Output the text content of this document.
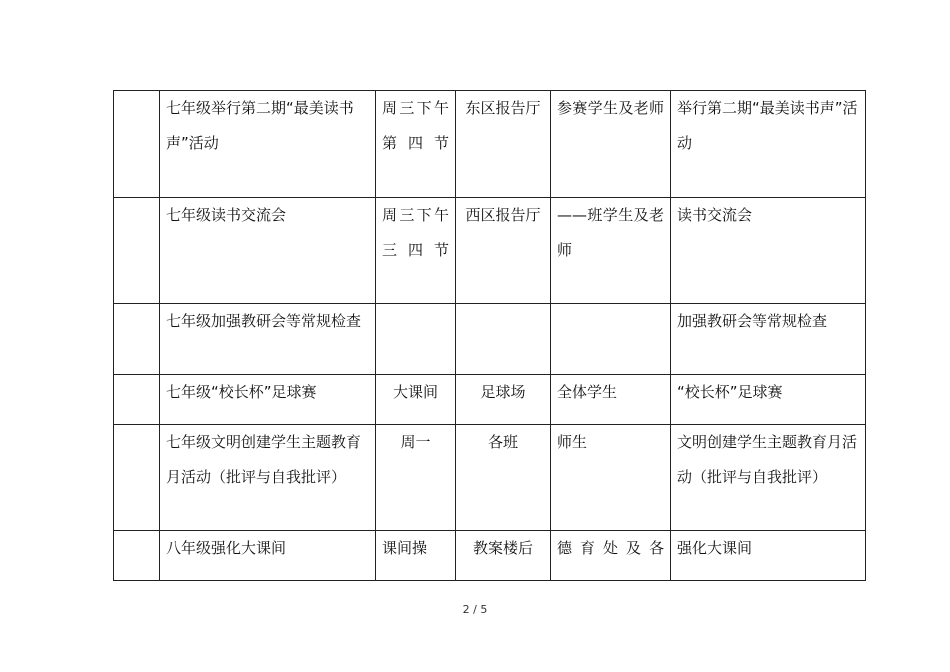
	七年级举行第二期“最美读书声”活动	周三下午第四节	东区报告厅	参赛学生及老师	举行第二期“最美读书声”活动
	七年级读书交流会	周三下午三四节	西区报告厅	——班学生及老师	读书交流会
	七年级加强教研会等常规检查				加强教研会等常规检查
	七年级“校长杯”足球赛	大课间	足球场	全体学生	“校长杯”足球赛
	七年级文明创建学生主题教育月活动（批评与自我批评）	周一	各班	师生	文明创建学生主题教育月活动（批评与自我批评）
	八年级强化大课间	课间操	教案楼后	德育处及各	强化大课间
2 / 5
